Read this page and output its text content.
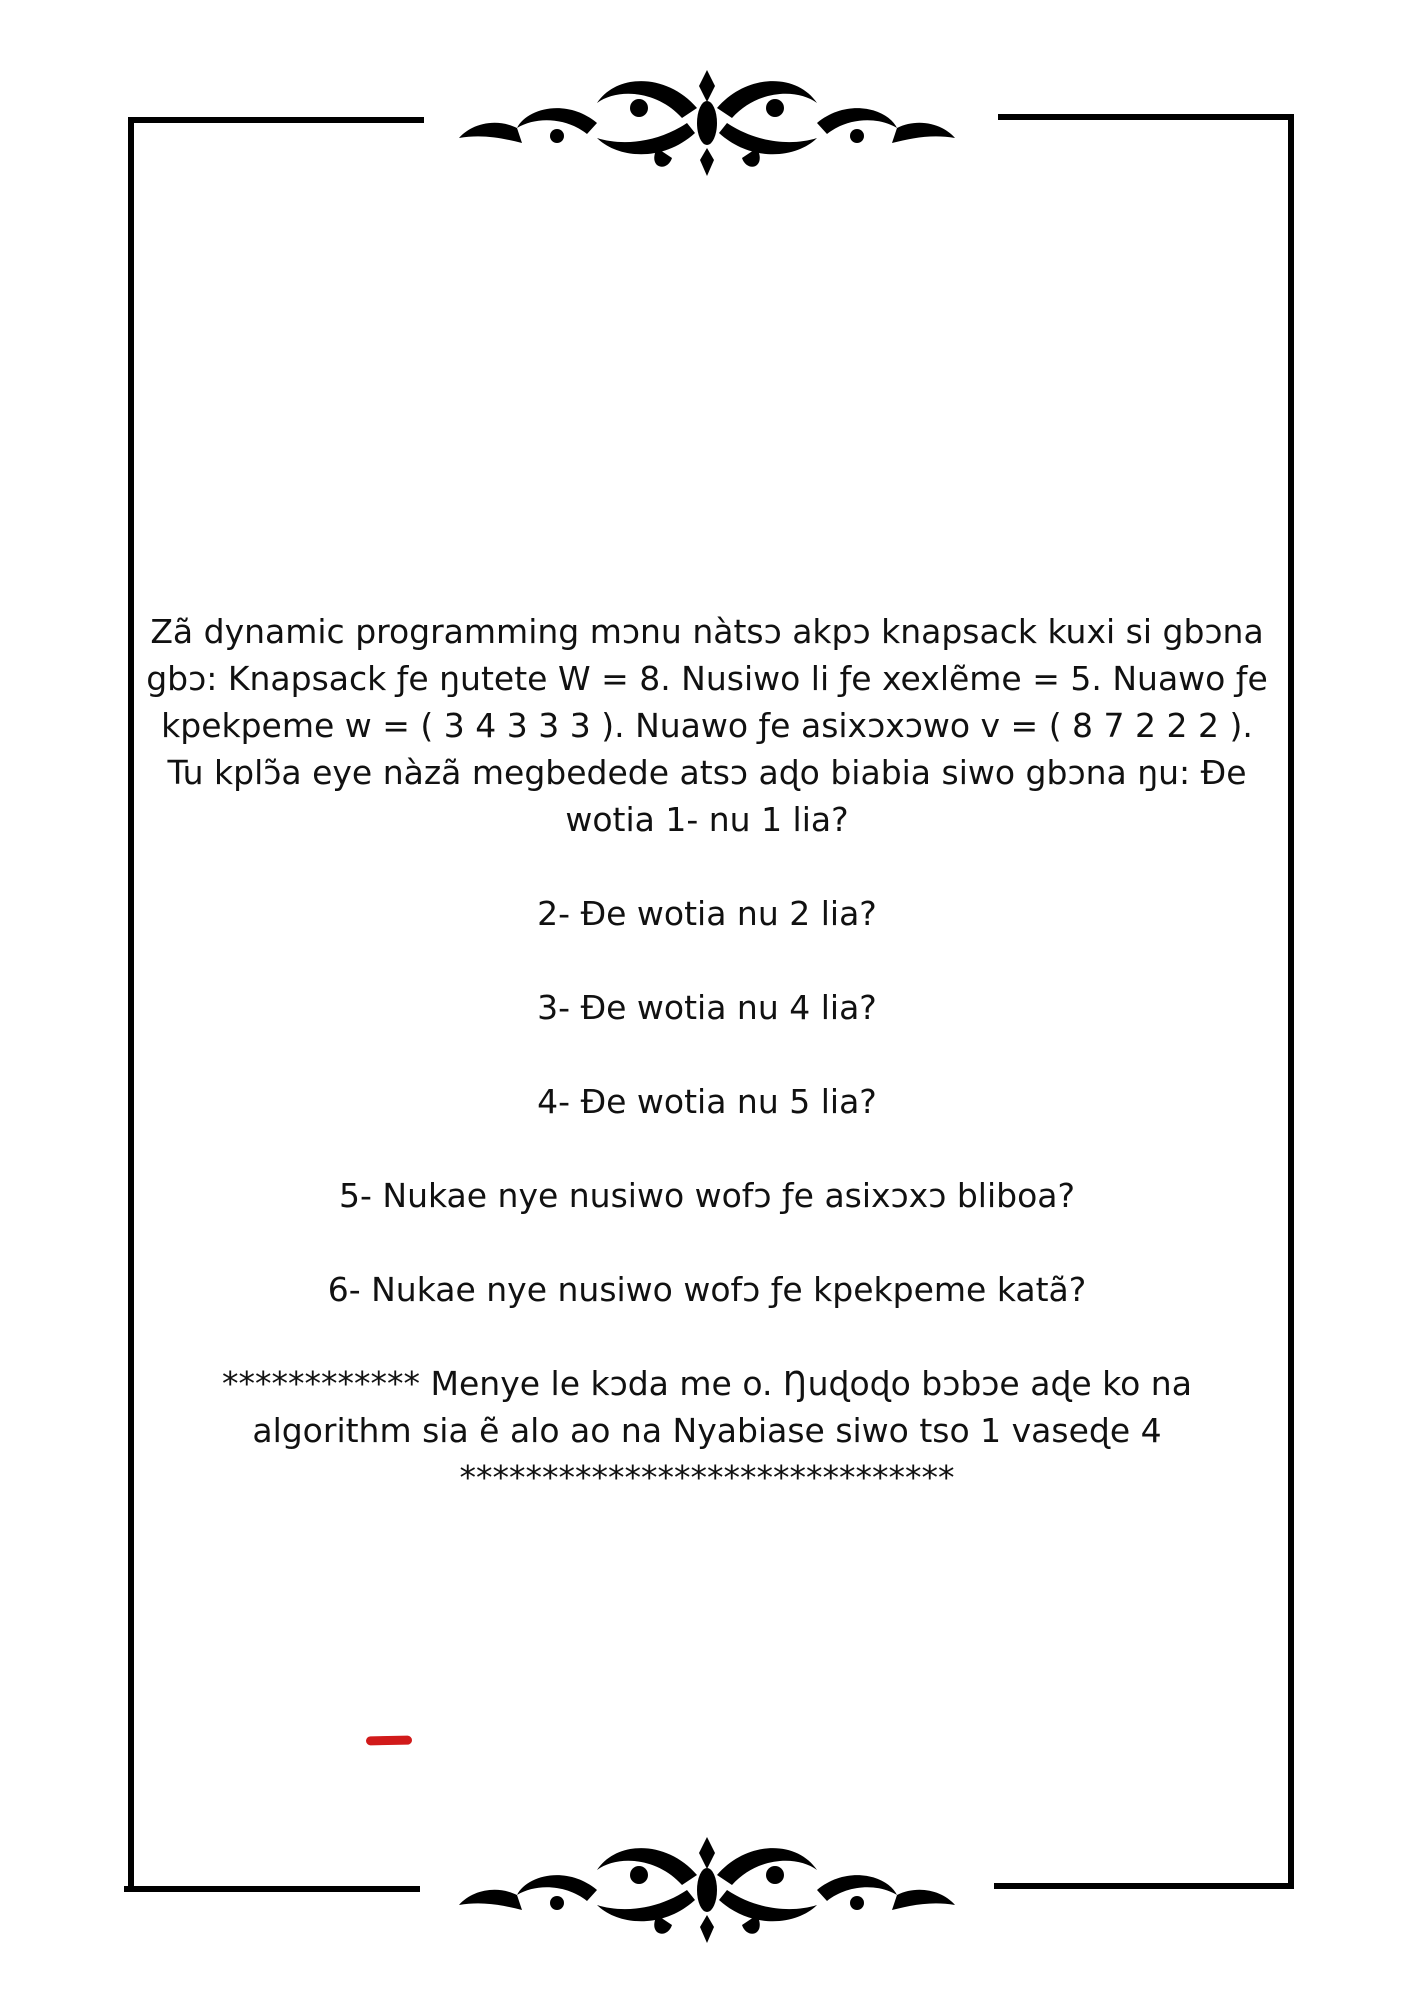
Zã dynamic programming mɔnu nàtsɔ akpɔ knapsack kuxi si gbɔna gbɔ: Knapsack ƒe ŋutete W = 8. Nusiwo li ƒe xexlẽme = 5. Nuawo ƒe kpekpeme w = ( 3 4 3 3 3 ). Nuawo ƒe asixɔxɔwo v = ( 8 7 2 2 2 ). Tu kplɔ̃a eye nàzã megbedede atsɔ aɖo biabia siwo gbɔna ŋu: Ðe wotia 1- nu 1 lia?

2- Ðe wotia nu 2 lia?

3- Ðe wotia nu 4 lia?

4- Ðe wotia nu 5 lia?

5- Nukae nye nusiwo wofɔ ƒe asixɔxɔ bliboa?

6- Nukae nye nusiwo wofɔ ƒe kpekpeme katã?

************ Menye le kɔda me o. Ŋuɖoɖo bɔbɔe aɖe ko na algorithm sia ẽ alo ao na Nyabiase siwo tso 1 vaseɖe 4 ******************************
